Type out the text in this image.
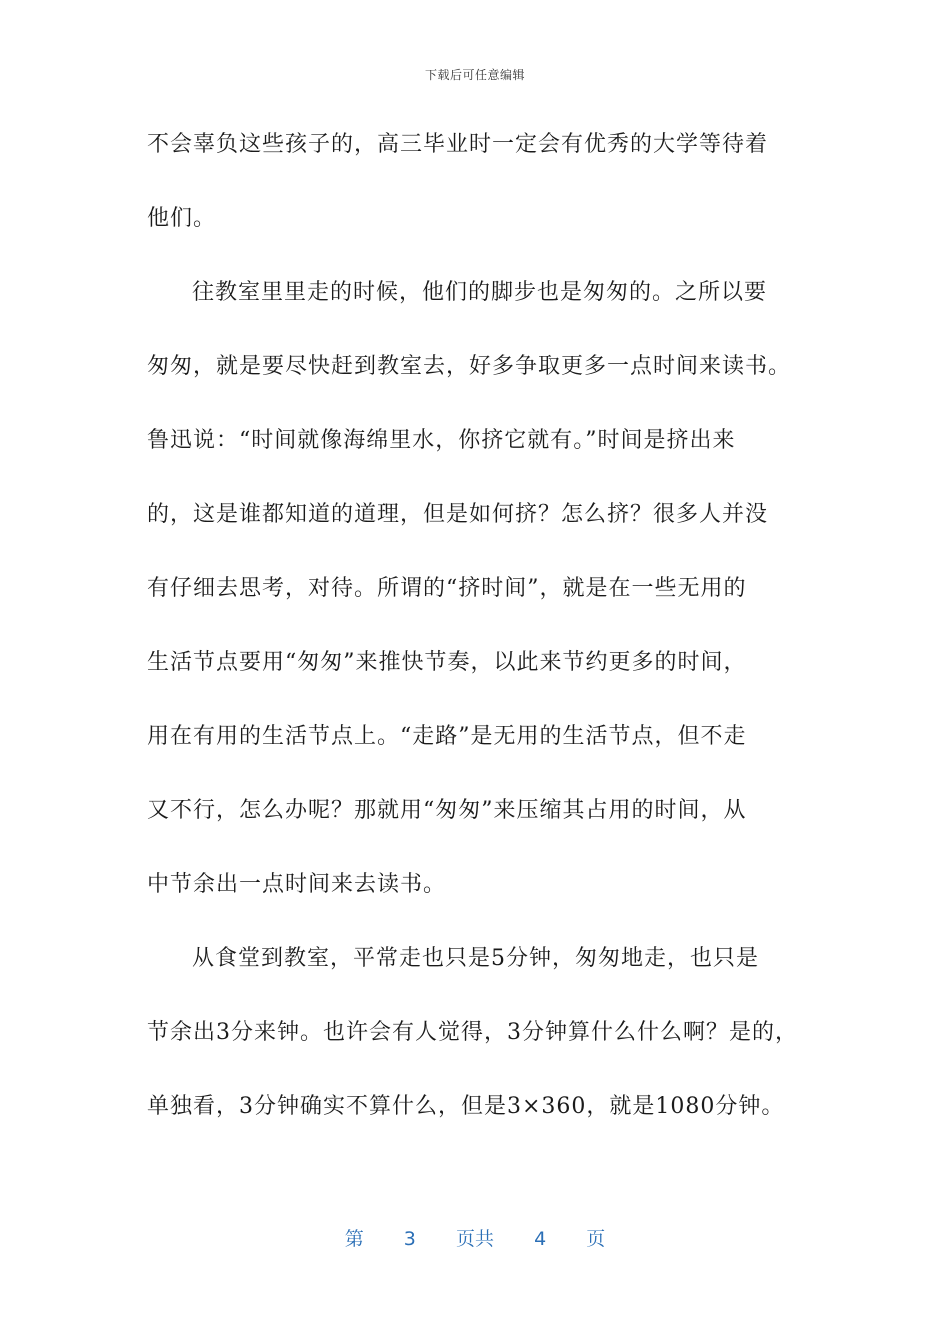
下载后可任意编辑
不会辜负这些孩子的，高三毕业时一定会有优秀的大学等待着
他们。
往教室里里走的时候，他们的脚步也是匆匆的。之所以要
匆匆，就是要尽快赶到教室去，好多争取更多一点时间来读书。
鲁迅说：“时间就像海绵里水，你挤它就有。”时间是挤出来
的，这是谁都知道的道理，但是如何挤？怎么挤？很多人并没
有仔细去思考，对待。所谓的“挤时间”，就是在一些无用的
生活节点要用“匆匆”来推快节奏，以此来节约更多的时间，
用在有用的生活节点上。“走路”是无用的生活节点，但不走
又不行，怎么办呢？那就用“匆匆”来压缩其占用的时间，从
中节余出一点时间来去读书。
从食堂到教室，平常走也只是5分钟，匆匆地走，也只是
节余出3分来钟。也许会有人觉得，3分钟算什么什么啊？是的，
单独看，3分钟确实不算什么，但是3×360，就是1080分钟。
第 3 页共 4 页
